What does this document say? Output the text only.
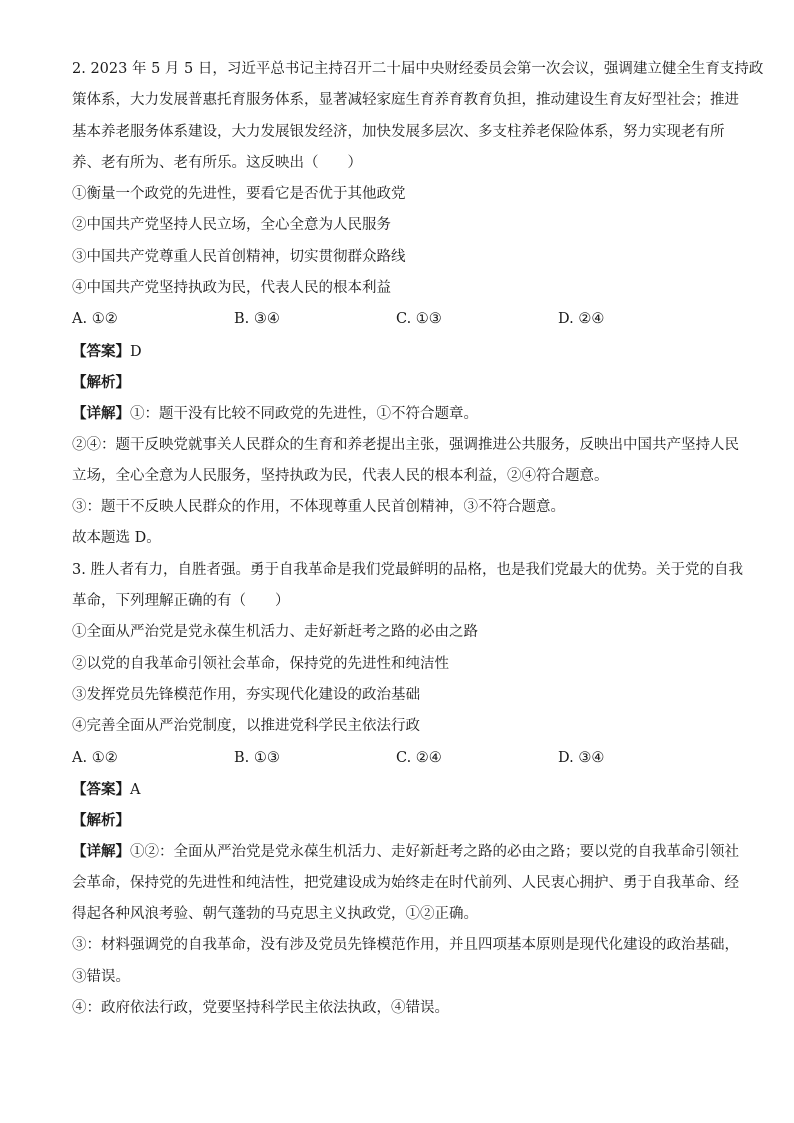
2. 2023 年 5 月 5 日，习近平总书记主持召开二十届中央财经委员会第一次会议，强调建立健全生育支持政
策体系，大力发展普惠托育服务体系，显著减轻家庭生育养育教育负担，推动建设生育友好型社会；推进
基本养老服务体系建设，大力发展银发经济，加快发展多层次、多支柱养老保险体系，努力实现老有所
养、老有所为、老有所乐。这反映出（　　）
①衡量一个政党的先进性，要看它是否优于其他政党
②中国共产党坚持人民立场，全心全意为人民服务
③中国共产党尊重人民首创精神，切实贯彻群众路线
④中国共产党坚持执政为民，代表人民的根本利益
A. ①②	B. ③④	C. ①③	D. ②④
【答案】D
【解析】
【详解】①：题干没有比较不同政党的先进性，①不符合题章。
②④：题干反映党就事关人民群众的生育和养老提出主张，强调推进公共服务，反映出中国共产坚持人民
立场，全心全意为人民服务，坚持执政为民，代表人民的根本利益，②④符合题意。
③：题干不反映人民群众的作用，不体现尊重人民首创精神，③不符合题意。
故本题选 D。
3. 胜人者有力，自胜者强。勇于自我革命是我们党最鲜明的品格，也是我们党最大的优势。关于党的自我
革命，下列理解正确的有（　　）
①全面从严治党是党永葆生机活力、走好新赶考之路的必由之路
②以党的自我革命引领社会革命，保持党的先进性和纯洁性
③发挥党员先锋模范作用，夯实现代化建设的政治基础
④完善全面从严治党制度，以推进党科学民主依法行政
A. ①②	B. ①③	C. ②④	D. ③④
【答案】A
【解析】
【详解】①②：全面从严治党是党永葆生机活力、走好新赶考之路的必由之路；要以党的自我革命引领社
会革命，保持党的先进性和纯洁性，把党建设成为始终走在时代前列、人民衷心拥护、勇于自我革命、经
得起各种风浪考验、朝气蓬勃的马克思主义执政党，①②正确。
③：材料强调党的自我革命，没有涉及党员先锋模范作用，并且四项基本原则是现代化建设的政治基础，
③错误。
④：政府依法行政，党要坚持科学民主依法执政，④错误。
